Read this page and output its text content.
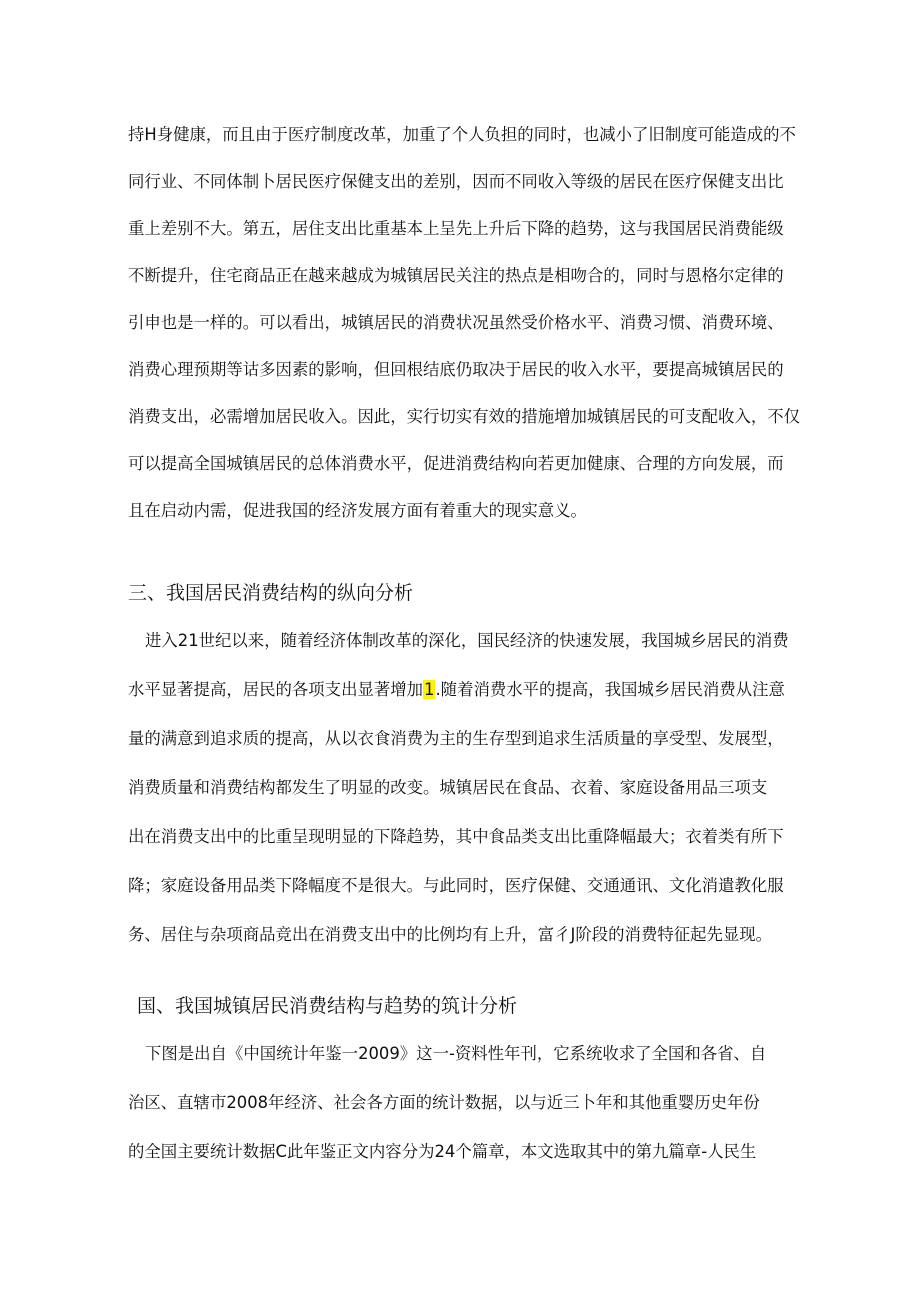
持H身健康，而且由于医疗制度改革，加重了个人负担的同时，也减小了旧制度可能造成的不
同行业、不同体制卜居民医疗保健支出的差别，因而不同收入等级的居民在医疗保健支出比
重上差别不大。第五，居住支出比重基本上呈先上升后下降的趋势，这与我国居民消费能级
不断提升，住宅商品正在越来越成为城镇居民关注的热点是相吻合的，同时与恩格尔定律的
引申也是一样的。可以看出，城镇居民的消费状况虽然受价格水平、消费习惯、消费环境、
消费心理预期等诂多因素的影响，但回根结底仍取决于居民的收入水平，要提高城镇居民的
消费支出，必需增加居民收入。因此，实行切实有效的措施增加城镇居民的可支配收入，不仅
可以提高全国城镇居民的总体消费水平，促进消费结构向若更加健康、合理的方向发展，而
且在启动内需，促进我国的经济发展方面有着重大的现实意义。
三、我国居民消费结构的纵向分析
进入21世纪以来，随着经济体制改革的深化，国民经济的快速发展，我国城乡居民的消费
水平显著提高，居民的各项支出显著增加1.随着消费水平的提高，我国城乡居民消费从注意
量的满意到追求质的提高，从以衣食消费为主的生存型到追求生活质量的享受型、发展型，
消费质量和消费结构都发生了明显的改变。城镇居民在食品、衣着、家庭设备用品三项支
出在消费支出中的比重呈现明显的下降趋势，其中食品类支出比重降幅最大；衣着类有所下
降；家庭设备用品类下降幅度不是很大。与此同时，医疗保健、交通通讯、文化消遣教化服
务、居住与杂项商品竞出在消费支出中的比例均有上升，富彳J阶段的消费特征起先显现。
国、我国城镇居民消费结构与趋势的筑计分析
下图是出自《中国统计年鉴一2009》这一-资料性年刊，它系统收求了全国和各省、自
治区、直辖市2008年经济、社会各方面的统计数据，以与近三卜年和其他重婴历史年份
的全国主要统计数据C此年鉴正文内容分为24个篇章，本文选取其中的第九篇章-人民生
